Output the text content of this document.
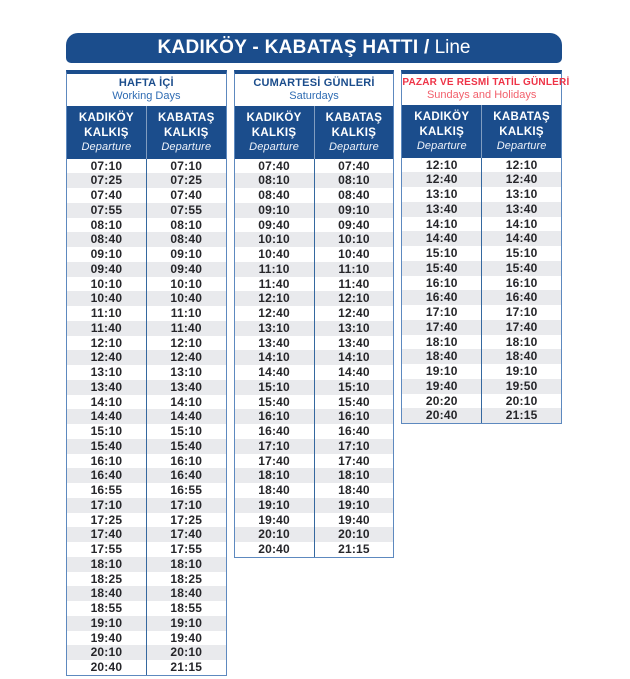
KADIKÖY - KABATAŞ HATTI / Line
HAFTA İÇİ
Working Days
KADIKÖY
KALKIŞ
Departure
KABATAŞ
KALKIŞ
Departure
07:10	07:10
07:25	07:25
07:40	07:40
07:55	07:55
08:10	08:10
08:40	08:40
09:10	09:10
09:40	09:40
10:10	10:10
10:40	10:40
11:10	11:10
11:40	11:40
12:10	12:10
12:40	12:40
13:10	13:10
13:40	13:40
14:10	14:10
14:40	14:40
15:10	15:10
15:40	15:40
16:10	16:10
16:40	16:40
16:55	16:55
17:10	17:10
17:25	17:25
17:40	17:40
17:55	17:55
18:10	18:10
18:25	18:25
18:40	18:40
18:55	18:55
19:10	19:10
19:40	19:40
20:10	20:10
20:40	21:15
CUMARTESİ GÜNLERİ
Saturdays
KADIKÖY
KALKIŞ
Departure
KABATAŞ
KALKIŞ
Departure
07:40	07:40
08:10	08:10
08:40	08:40
09:10	09:10
09:40	09:40
10:10	10:10
10:40	10:40
11:10	11:10
11:40	11:40
12:10	12:10
12:40	12:40
13:10	13:10
13:40	13:40
14:10	14:10
14:40	14:40
15:10	15:10
15:40	15:40
16:10	16:10
16:40	16:40
17:10	17:10
17:40	17:40
18:10	18:10
18:40	18:40
19:10	19:10
19:40	19:40
20:10	20:10
20:40	21:15
PAZAR VE RESMİ TATİL GÜNLERİ
Sundays and Holidays
KADIKÖY
KALKIŞ
Departure
KABATAŞ
KALKIŞ
Departure
12:10	12:10
12:40	12:40
13:10	13:10
13:40	13:40
14:10	14:10
14:40	14:40
15:10	15:10
15:40	15:40
16:10	16:10
16:40	16:40
17:10	17:10
17:40	17:40
18:10	18:10
18:40	18:40
19:10	19:10
19:40	19:50
20:20	20:10
20:40	21:15
